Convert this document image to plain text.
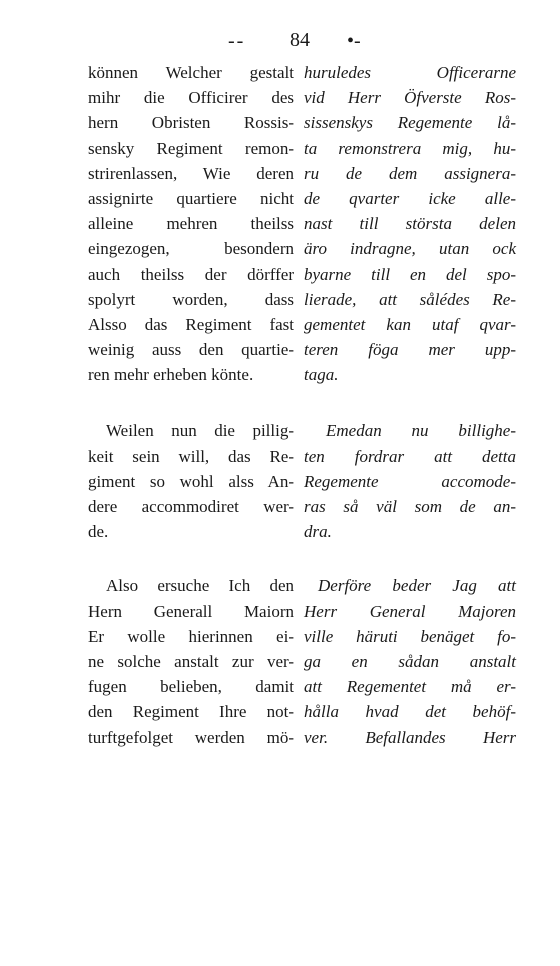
-- 84 •-
können Welcher gestalt
mihr die Officirer des
hern Obristen Rossis-
sensky Regiment remon-
strirenlassen, Wie deren
assignirte quartiere nicht
alleine mehren theilss
eingezogen, besondern
auch theilss der dörffer
spolyrt worden, dass
Alsso das Regiment fast
weinig auss den quartie-
ren mehr erheben könte.
Weilen nun die pillig-
keit sein will, das Re-
giment so wohl alss An-
dere accommodiret wer-
de.
Also ersuche Ich den
Hern Generall Maiorn
Er wolle hierinnen ei-
ne solche anstalt zur ver-
fugen belieben, damit
den Regiment Ihre not-
turftgefolget werden mö-
huruledes Officerarne
vid Herr Öfverste Ros-
sissenskys Regemente lå-
ta remonstrera mig, hu-
ru de dem assignera-
de qvarter icke alle-
nast till största delen
äro indragne, utan ock
byarne till en del spo-
lierade, att sålédes Re-
gementet kan utaf qvar-
teren föga mer upp-
taga.
Emedan nu billighe-
ten fordrar att detta
Regemente accomode-
ras så väl som de an-
dra.
Derföre beder Jag att
Herr General Majoren
ville häruti benäget fo-
ga en sådan anstalt
att Regementet må er-
hålla hvad det behöf-
ver. Befallandes Herr
